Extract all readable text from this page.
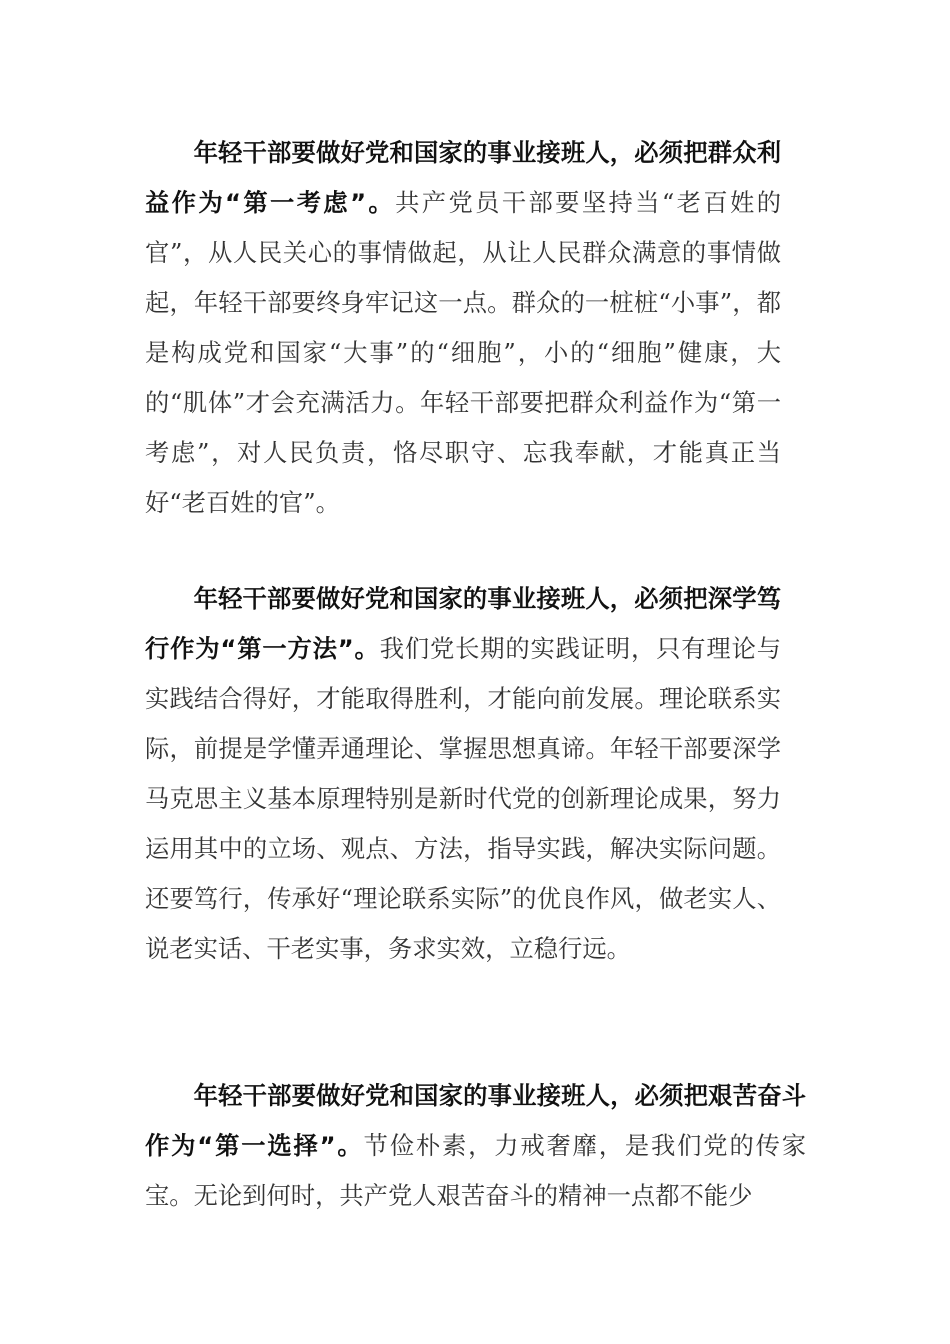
年轻干部要做好党和国家的事业接班人，必须把群众利益作为“第一考虑”。共产党员干部要坚持当“老百姓的官”，从人民关心的事情做起，从让人民群众满意的事情做起，年轻干部要终身牢记这一点。群众的一桩桩“小事”，都是构成党和国家“大事”的“细胞”，小的“细胞”健康，大的“肌体”才会充满活力。年轻干部要把群众利益作为“第一考虑”，对人民负责，恪尽职守、忘我奉献，才能真正当好“老百姓的官”。

年轻干部要做好党和国家的事业接班人，必须把深学笃行作为“第一方法”。我们党长期的实践证明，只有理论与实践结合得好，才能取得胜利，才能向前发展。理论联系实际，前提是学懂弄通理论、掌握思想真谛。年轻干部要深学马克思主义基本原理特别是新时代党的创新理论成果，努力运用其中的立场、观点、方法，指导实践，解决实际问题。还要笃行，传承好“理论联系实际”的优良作风，做老实人、说老实话、干老实事，务求实效，立稳行远。

年轻干部要做好党和国家的事业接班人，必须把艰苦奋斗作为“第一选择”。节俭朴素，力戒奢靡，是我们党的传家宝。无论到何时，共产党人艰苦奋斗的精神一点都不能少
